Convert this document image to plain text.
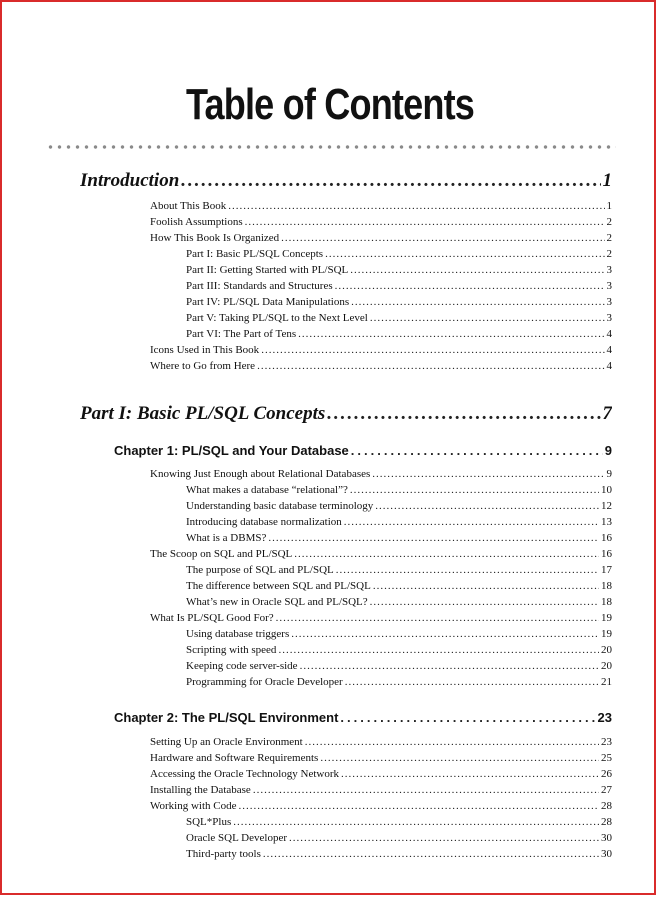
Table of Contents
Introduction .....	1
About This Book .....	1
Foolish Assumptions .....	2
How This Book Is Organized .....	2
Part I: Basic PL/SQL Concepts .....	2
Part II: Getting Started with PL/SQL .....	3
Part III: Standards and Structures .....	3
Part IV: PL/SQL Data Manipulations .....	3
Part V: Taking PL/SQL to the Next Level .....	3
Part VI: The Part of Tens .....	4
Icons Used in This Book .....	4
Where to Go from Here .....	4
Part I: Basic PL/SQL Concepts .....	7
Chapter 1: PL/SQL and Your Database .....	9
Knowing Just Enough about Relational Databases .....	9
What makes a database “relational”? .....	10
Understanding basic database terminology .....	12
Introducing database normalization .....	13
What is a DBMS? .....	16
The Scoop on SQL and PL/SQL .....	16
The purpose of SQL and PL/SQL .....	17
The difference between SQL and PL/SQL .....	18
What’s new in Oracle SQL and PL/SQL? .....	18
What Is PL/SQL Good For? .....	19
Using database triggers .....	19
Scripting with speed .....	20
Keeping code server-side .....	20
Programming for Oracle Developer .....	21
Chapter 2: The PL/SQL Environment .....	23
Setting Up an Oracle Environment .....	23
Hardware and Software Requirements .....	25
Accessing the Oracle Technology Network .....	26
Installing the Database .....	27
Working with Code .....	28
SQL*Plus .....	28
Oracle SQL Developer .....	30
Third-party tools .....	30
